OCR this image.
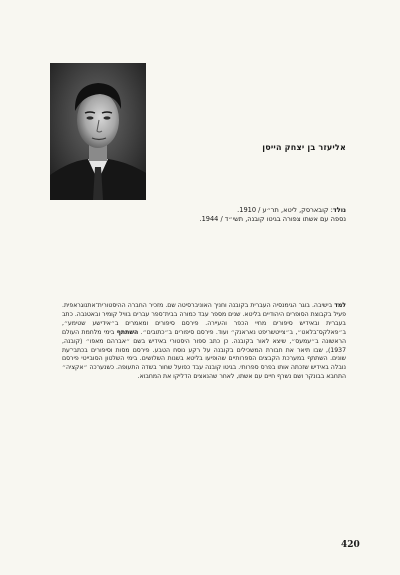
אליעזר בן יצחק הייסן
נולד: קובארסק, ליטא, תר״ע / 1910.
נספה עם אשתו צפורה בגיטו קובנה, תשי״ד / 1944.
למד בישיבה. בוגר הגימנסיה העברית בקובנה וחניך האוניברסיטה שם. מזכיר החברה ההיסטורית־אתנוגראפית. פעיל בקבוצת הסופרים היהודיים בליטא. שנים מספר עבד כמורה בבית־ספר עברים בוויל קומיר ובאטנבה. כתב בעברית ובאידיש סיפורים מחיי הכפר והעיירה. פירסם סיפורים ומאמרים ב״אידישע שטימע״, ב״פאלקס־בלאט״, ב״צייטשריפט נאראנק״ ועוד. פירסם סיפורים ב״כתובים״. השתתף בימי מלחמת העולם הראשונה ב״עמעס״, שיצא לאור בקובנה. כן כתב ספור היסטורי באידיש בשם ״אברהם מאפו״ (קובנה, 1937), שבו תיאר את חבורת המשכילים בקובנה על רקע נוסח הטבע. פירסם מסות וסיפורים בכתבי־עת שונים. השתתף במערכת הקבצים הספרותיים שהופיעו בליטא בשנות השלושים. בימי השלטון הסובייטי פירסם נובלה באידיש שזכתה אותו בפרס ספרותי. בגיטו קובנה עבד כפועל שחור בשדה התעופה. כשנערכה ״אקציה״ התחבא בבונקר ושם נשרף חיים עם אשתו, לאחר שהנאצים הדליקו את המחבוא.
420
